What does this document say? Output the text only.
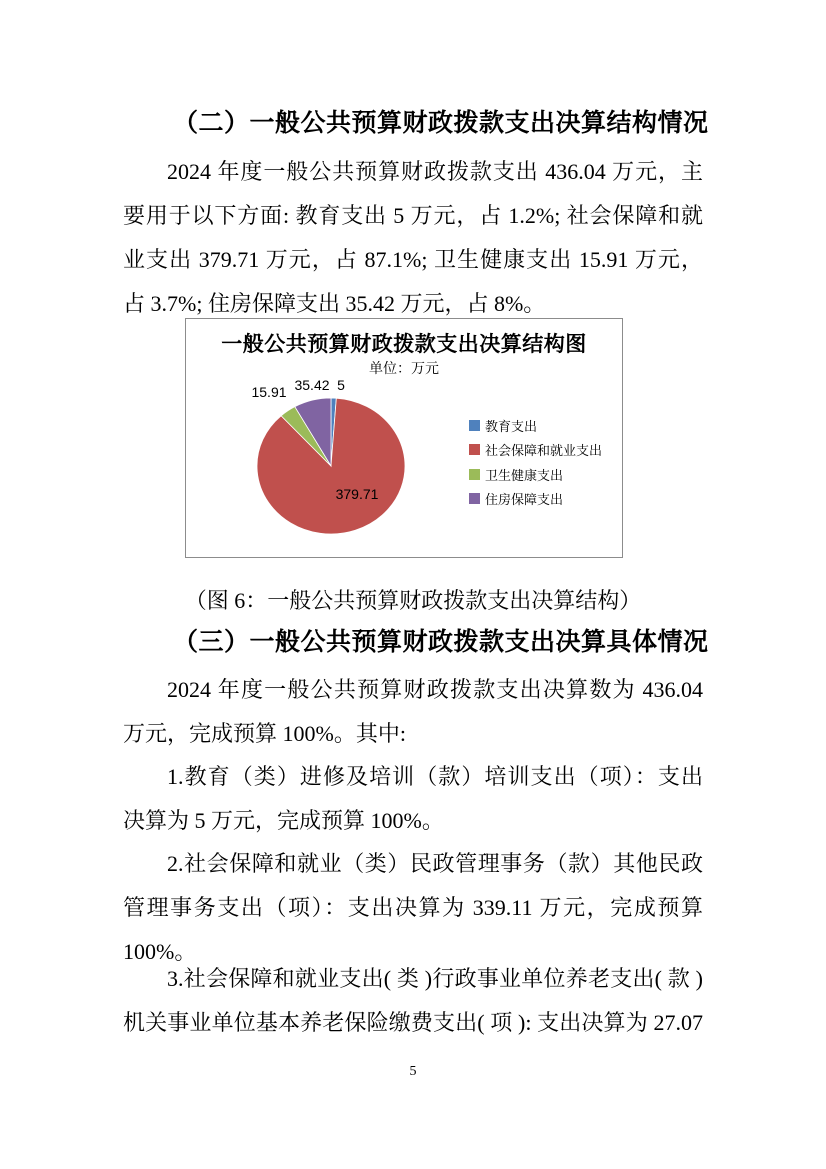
（二）一般公共预算财政拨款支出决算结构情况
2024 年度一般公共预算财政拨款支出 436.04 万元，主
要用于以下方面: 教育支出 5 万元，占 1.2%; 社会保障和就
业支出 379.71 万元，占 87.1%; 卫生健康支出 15.91 万元，
占 3.7%; 住房保障支出 35.42 万元，占 8%。
一般公共预算财政拨款支出决算结构图
单位：万元
5
379.71
15.91 35.42
教育支出
社会保障和就业支出
卫生健康支出
住房保障支出
（图 6：一般公共预算财政拨款支出决算结构）
（三）一般公共预算财政拨款支出决算具体情况
2024 年度一般公共预算财政拨款支出决算数为 436.04
万元，完成预算 100%。其中:
1.教育（类）进修及培训（款）培训支出（项）：支出
决算为 5 万元，完成预算 100%。
2.社会保障和就业（类）民政管理事务（款）其他民政
管理事务支出（项）：支出决算为 339.11 万元，完成预算
100%。
3.社会保障和就业支出( 类 )行政事业单位养老支出( 款 )
机关事业单位基本养老保险缴费支出( 项 ): 支出决算为 27.07
5
